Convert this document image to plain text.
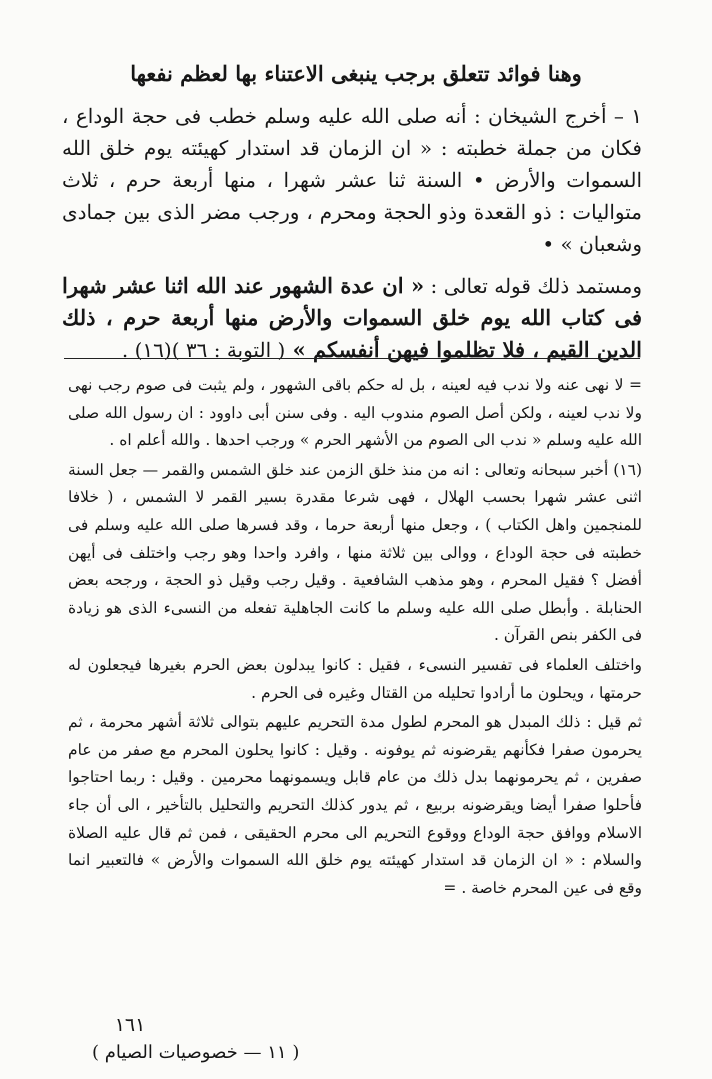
وهنا فوائد تتعلق برجب ينبغى الاعتناء بها لعظم نفعها
١ – أخرج الشيخان : أنه صلى الله عليه وسلم خطب فى حجة الوداع ، فكان من جملة خطبته : « ان الزمان قد استدار كهيئته يوم خلق الله السموات والأرض • السنة ثنا عشر شهرا ، منها أربعة حرم ، ثلاث متواليات : ذو القعدة وذو الحجة ومحرم ، ورجب مضر الذى بين جمادى وشعبان » •
ومستمد ذلك قوله تعالى : « ان عدة الشهور عند الله اثنا عشر شهرا فى كتاب الله يوم خلق السموات والأرض منها أربعة حرم ، ذلك الدين القيم ، فلا تظلموا فيهن أنفسكم » ( التوبة : ٣٦ )(١٦) .

= لا نهى عنه ولا ندب فيه لعينه ، بل له حكم باقى الشهور ، ولم يثبت فى صوم رجب نهى ولا ندب لعينه ، ولكن أصل الصوم مندوب اليه . وفى سنن أبى داوود : ان رسول الله صلى الله عليه وسلم « ندب الى الصوم من الأشهر الحرم » ورجب احدها . والله أعلم اه .

(١٦) أخبر سبحانه وتعالى : انه من منذ خلق الزمن عند خلق الشمس والقمر — جعل السنة اثنى عشر شهرا بحسب الهلال ، فهى شرعا مقدرة بسير القمر لا الشمس ، ( خلافا للمنجمين واهل الكتاب ) ، وجعل منها أربعة حرما ، وقد فسرها صلى الله عليه وسلم فى خطبته فى حجة الوداع ، ووالى بين ثلاثة منها ، وافرد واحدا وهو رجب واختلف فى أيهن أفضل ؟ فقيل المحرم ، وهو مذهب الشافعية . وقيل رجب وقيل ذو الحجة ، ورجحه بعض الحنابلة . وأبطل صلى الله عليه وسلم ما كانت الجاهلية تفعله من النسىء الذى هو زيادة فى الكفر بنص القرآن .

واختلف العلماء فى تفسير النسىء ، فقيل : كانوا يبدلون بعض الحرم بغيرها فيجعلون له حرمتها ، ويحلون ما أرادوا تحليله من القتال وغيره فى الحرم .

ثم قيل : ذلك المبدل هو المحرم لطول مدة التحريم عليهم بتوالى ثلاثة أشهر محرمة ، ثم يحرمون صفرا فكأنهم يقرضونه ثم يوفونه . وقيل : كانوا يحلون المحرم مع صفر من عام صفرين ، ثم يحرمونهما بدل ذلك من عام قابل ويسمونهما محرمين . وقيل : ربما احتاجوا فأحلوا صفرا أيضا ويقرضونه بربيع ، ثم يدور كذلك التحريم والتحليل بالتأخير ، الى أن جاء الاسلام ووافق حجة الوداع ووقوع التحريم الى محرم الحقيقى ، فمن ثم قال عليه الصلاة والسلام : « ان الزمان قد استدار كهيئته يوم خلق الله السموات والأرض » فالتعبير انما وقع فى عين المحرم خاصة . =

١٦١
( ١١ — خصوصيات الصيام )
